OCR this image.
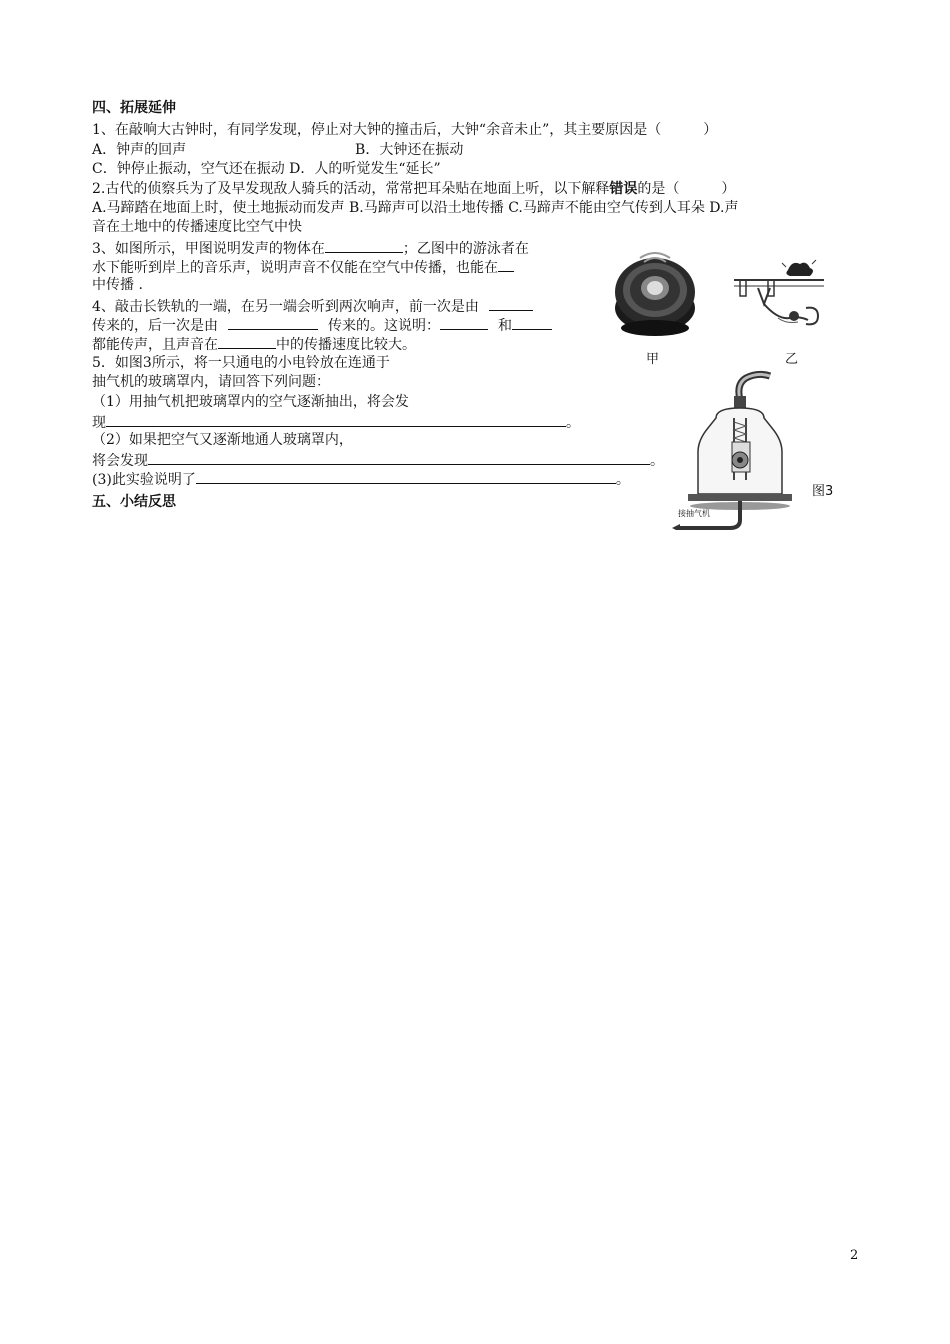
四、拓展延伸
1、在敲响大古钟时，有同学发现，停止对大钟的撞击后，大钟“余音未止”，其主要原因是（　　　）
A．钟声的回声	B．大钟还在振动
C．钟停止振动，空气还在振动 D．人的听觉发生“延长”
2.古代的侦察兵为了及早发现敌人骑兵的活动，常常把耳朵贴在地面上听，以下解释错误的是（　　　）
A.马蹄踏在地面上时，使土地振动而发声 B.马蹄声可以沿土地传播 C.马蹄声不能由空气传到人耳朵 D.声
音在土地中的传播速度比空气中快
3、如图所示，甲图说明发声的物体在	；乙图中的游泳者在
水下能听到岸上的音乐声，说明声音不仅能在空气中传播，也能在
中传播 .
4、敲击长铁轨的一端，在另一端会听到两次响声，前一次是由
传来的，后一次是由	传来的。这说明：	和
都能传声，且声音在	中的传播速度比较大。
5．如图3所示，将一只通电的小电铃放在连通于
抽气机的玻璃罩内，请回答下列问题：
（1）用抽气机把玻璃罩内的空气逐渐抽出，将会发
现	。
（2）如果把空气又逐渐地通人玻璃罩内，
将会发现	。
(3)此实验说明了	。
五、小结反思
甲	乙
图3
接抽气机
2
